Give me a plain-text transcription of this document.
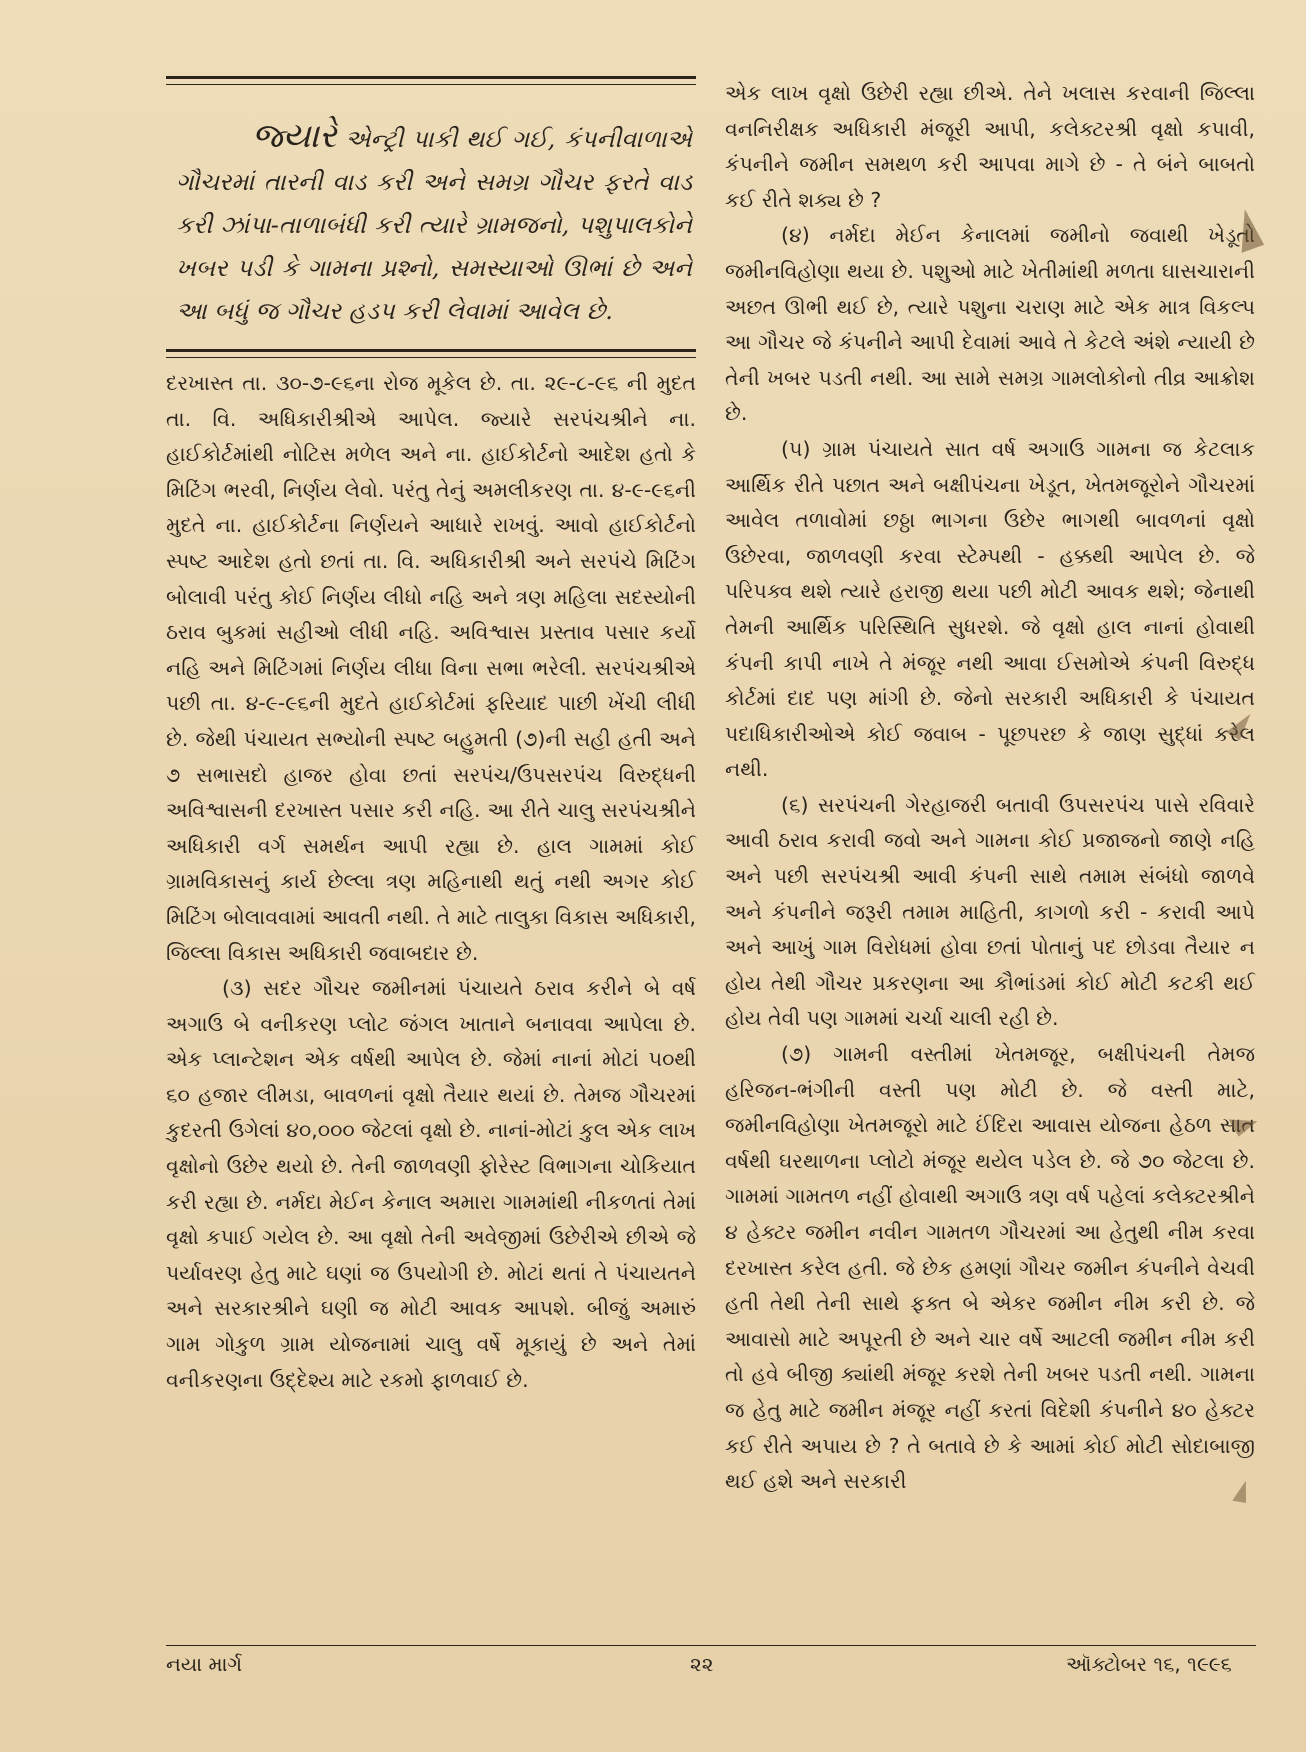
જ્યારે એન્ટ્રી પાકી થઈ ગઈ, કંપનીવાળાએ ગૌચરમાં તારની વાડ કરી અને સમગ્ર ગૌચર ફરતે વાડ કરી ઝાંપા-તાળાબંધી કરી ત્યારે ગ્રામજનો, પશુપાલકોને ખબર પડી કે ગામના પ્રશ્નો, સમસ્યાઓ ઊભાં છે અને આ બધું જ ગૌચર હડપ કરી લેવામાં આવેલ છે.

દરખાસ્ત તા. ૩૦-૭-૯૬ના રોજ મૂકેલ છે. તા. ૨૯-૮-૯૬ ની મુદત તા. વિ. અધિકારીશ્રીએ આપેલ. જ્યારે સરપંચશ્રીને ના. હાઈકોર્ટમાંથી નોટિસ મળેલ અને ના. હાઈકોર્ટનો આદેશ હતો કે મિટિંગ ભરવી, નિર્ણય લેવો. પરંતુ તેનું અમલીકરણ તા. ૪-૯-૯૬ની મુદતે ના. હાઈકોર્ટના નિર્ણયને આધારે રાખવું. આવો હાઈકોર્ટનો સ્પષ્ટ આદેશ હતો છતાં તા. વિ. અધિકારીશ્રી અને સરપંચે મિટિંગ બોલાવી પરંતુ કોઈ નિર્ણય લીધો નહિ અને ત્રણ મહિલા સદસ્યોની ઠરાવ બુકમાં સહીઓ લીધી નહિ. અવિશ્વાસ પ્રસ્તાવ પસાર કર્યો નહિ અને મિટિંગમાં નિર્ણય લીધા વિના સભા ભરેલી. સરપંચશ્રીએ પછી તા. ૪-૯-૯૬ની મુદતે હાઈકોર્ટમાં ફરિયાદ પાછી ખેંચી લીધી છે. જેથી પંચાયત સભ્યોની સ્પષ્ટ બહુમતી (૭)ની સહી હતી અને ૭ સભાસદો હાજર હોવા છતાં સરપંચ/ઉપસરપંચ વિરુદ્ધની અવિશ્વાસની દરખાસ્ત પસાર કરી નહિ. આ રીતે ચાલુ સરપંચશ્રીને અધિકારી વર્ગ સમર્થન આપી રહ્યા છે. હાલ ગામમાં કોઈ ગ્રામવિકાસનું કાર્ય છેલ્લા ત્રણ મહિનાથી થતું નથી અગર કોઈ મિટિંગ બોલાવવામાં આવતી નથી. તે માટે તાલુકા વિકાસ અધિકારી, જિલ્લા વિકાસ અધિકારી જવાબદાર છે.

(૩) સદર ગૌચર જમીનમાં પંચાયતે ઠરાવ કરીને બે વર્ષ અગાઉ બે વનીકરણ પ્લોટ જંગલ ખાતાને બનાવવા આપેલા છે. એક પ્લાન્ટેશન એક વર્ષથી આપેલ છે. જેમાં નાનાં મોટાં ૫૦થી ૬૦ હજાર લીમડા, બાવળનાં વૃક્ષો તૈયાર થયાં છે. તેમજ ગૌચરમાં કુદરતી ઉગેલાં ૪૦,૦૦૦ જેટલાં વૃક્ષો છે. નાનાં-મોટાં કુલ એક લાખ વૃક્ષોનો ઉછેર થયો છે. તેની જાળવણી ફોરેસ્ટ વિભાગના ચોકિયાત કરી રહ્યા છે. નર્મદા મેઈન કેનાલ અમારા ગામમાંથી નીકળતાં તેમાં વૃક્ષો કપાઈ ગયેલ છે. આ વૃક્ષો તેની અવેજીમાં ઉછેરીએ છીએ જે પર્યાવરણ હેતુ માટે ઘણાં જ ઉપયોગી છે. મોટાં થતાં તે પંચાયતને અને સરકારશ્રીને ઘણી જ મોટી આવક આપશે. બીજું અમારું ગામ ગોકુળ ગ્રામ યોજનામાં ચાલુ વર્ષે મૂકાયું છે અને તેમાં વનીકરણના ઉદ્દેશ્ય માટે રકમો ફાળવાઈ છે.

એક લાખ વૃક્ષો ઉછેરી રહ્યા છીએ. તેને ખલાસ કરવાની જિલ્લા વનનિરીક્ષક અધિકારી મંજૂરી આપી, કલેક્ટરશ્રી વૃક્ષો કપાવી, કંપનીને જમીન સમથળ કરી આપવા માગે છે - તે બંને બાબતો કઈ રીતે શક્ય છે ?

(૪) નર્મદા મેઈન કેનાલમાં જમીનો જવાથી ખેડૂતો જમીનવિહોણા થયા છે. પશુઓ માટે ખેતીમાંથી મળતા ઘાસચારાની અછત ઊભી થઈ છે, ત્યારે પશુના ચરાણ માટે એક માત્ર વિકલ્પ આ ગૌચર જે કંપનીને આપી દેવામાં આવે તે કેટલે અંશે ન્યાયી છે તેની ખબર પડતી નથી. આ સામે સમગ્ર ગામલોકોનો તીવ્ર આક્રોશ છે.

(૫) ગ્રામ પંચાયતે સાત વર્ષ અગાઉ ગામના જ કેટલાક આર્થિક રીતે પછાત અને બક્ષીપંચના ખેડૂત, ખેતમજૂરોને ગૌચરમાં આવેલ તળાવોમાં છઠ્ઠા ભાગના ઉછેર ભાગથી બાવળનાં વૃક્ષો ઉછેરવા, જાળવણી કરવા સ્ટેમ્પથી - હક્કથી આપેલ છે. જે પરિપક્વ થશે ત્યારે હરાજી થયા પછી મોટી આવક થશે; જેનાથી તેમની આર્થિક પરિસ્થિતિ સુધરશે. જે વૃક્ષો હાલ નાનાં હોવાથી કંપની કાપી નાખે તે મંજૂર નથી આવા ઈસમોએ કંપની વિરુદ્ધ કોર્ટમાં દાદ પણ માંગી છે. જેનો સરકારી અધિકારી કે પંચાયત પદાધિકારીઓએ કોઈ જવાબ - પૂછપરછ કે જાણ સુદ્ધાં કરેલ નથી.

(૬) સરપંચની ગેરહાજરી બતાવી ઉપસરપંચ પાસે રવિવારે આવી ઠરાવ કરાવી જવો અને ગામના કોઈ પ્રજાજનો જાણે નહિ અને પછી સરપંચશ્રી આવી કંપની સાથે તમામ સંબંધો જાળવે અને કંપનીને જરૂરી તમામ માહિતી, કાગળો કરી - કરાવી આપે અને આખું ગામ વિરોધમાં હોવા છતાં પોતાનું પદ છોડવા તૈયાર ન હોય તેથી ગૌચર પ્રકરણના આ કૌભાંડમાં કોઈ મોટી કટકી થઈ હોય તેવી પણ ગામમાં ચર્ચા ચાલી રહી છે.

(૭) ગામની વસ્તીમાં ખેતમજૂર, બક્ષીપંચની તેમજ હરિજન-ભંગીની વસ્તી પણ મોટી છે. જે વસ્તી માટે, જમીનવિહોણા ખેતમજૂરો માટે ઈંદિરા આવાસ યોજના હેઠળ સાત વર્ષથી ઘરથાળના પ્લોટો મંજૂર થયેલ પડેલ છે. જે ૭૦ જેટલા છે. ગામમાં ગામતળ નહીં હોવાથી અગાઉ ત્રણ વર્ષ પહેલાં કલેક્ટરશ્રીને ૪ હેક્ટર જમીન નવીન ગામતળ ગૌચરમાં આ હેતુથી નીમ કરવા દરખાસ્ત કરેલ હતી. જે છેક હમણાં ગૌચર જમીન કંપનીને વેચવી હતી તેથી તેની સાથે ફક્ત બે એકર જમીન નીમ કરી છે. જે આવાસો માટે અપૂરતી છે અને ચાર વર્ષે આટલી જમીન નીમ કરી તો હવે બીજી ક્યાંથી મંજૂર કરશે તેની ખબર પડતી નથી. ગામના જ હેતુ માટે જમીન મંજૂર નહીં કરતાં વિદેશી કંપનીને ૪૦ હેક્ટર કઈ રીતે અપાય છે ? તે બતાવે છે કે આમાં કોઈ મોટી સોદાબાજી થઈ હશે અને સરકારી

નયા માર્ગ	૨૨	ઑક્ટોબર ૧૬, ૧૯૯૬
